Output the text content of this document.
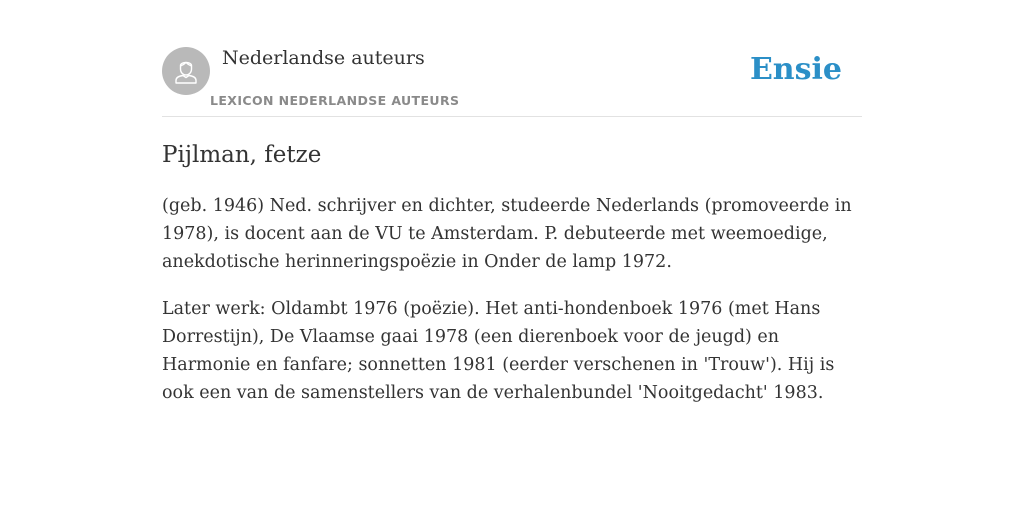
Nederlandse auteurs
LEXICON NEDERLANDSE AUTEURS
Ensie
Pijlman, fetze

(geb. 1946) Ned. schrijver en dichter, studeerde Nederlands (promoveerde in 1978), is docent aan de VU te Amsterdam. P. debuteerde met weemoedige, anekdotische herinneringspoëzie in Onder de lamp 1972.

Later werk: Oldambt 1976 (poëzie). Het anti-hondenboek 1976 (met Hans Dorrestijn), De Vlaamse gaai 1978 (een dierenboek voor de jeugd) en Harmonie en fanfare; sonnetten 1981 (eerder verschenen in 'Trouw'). Hij is ook een van de samenstellers van de verhalenbundel 'Nooitgedacht' 1983.
